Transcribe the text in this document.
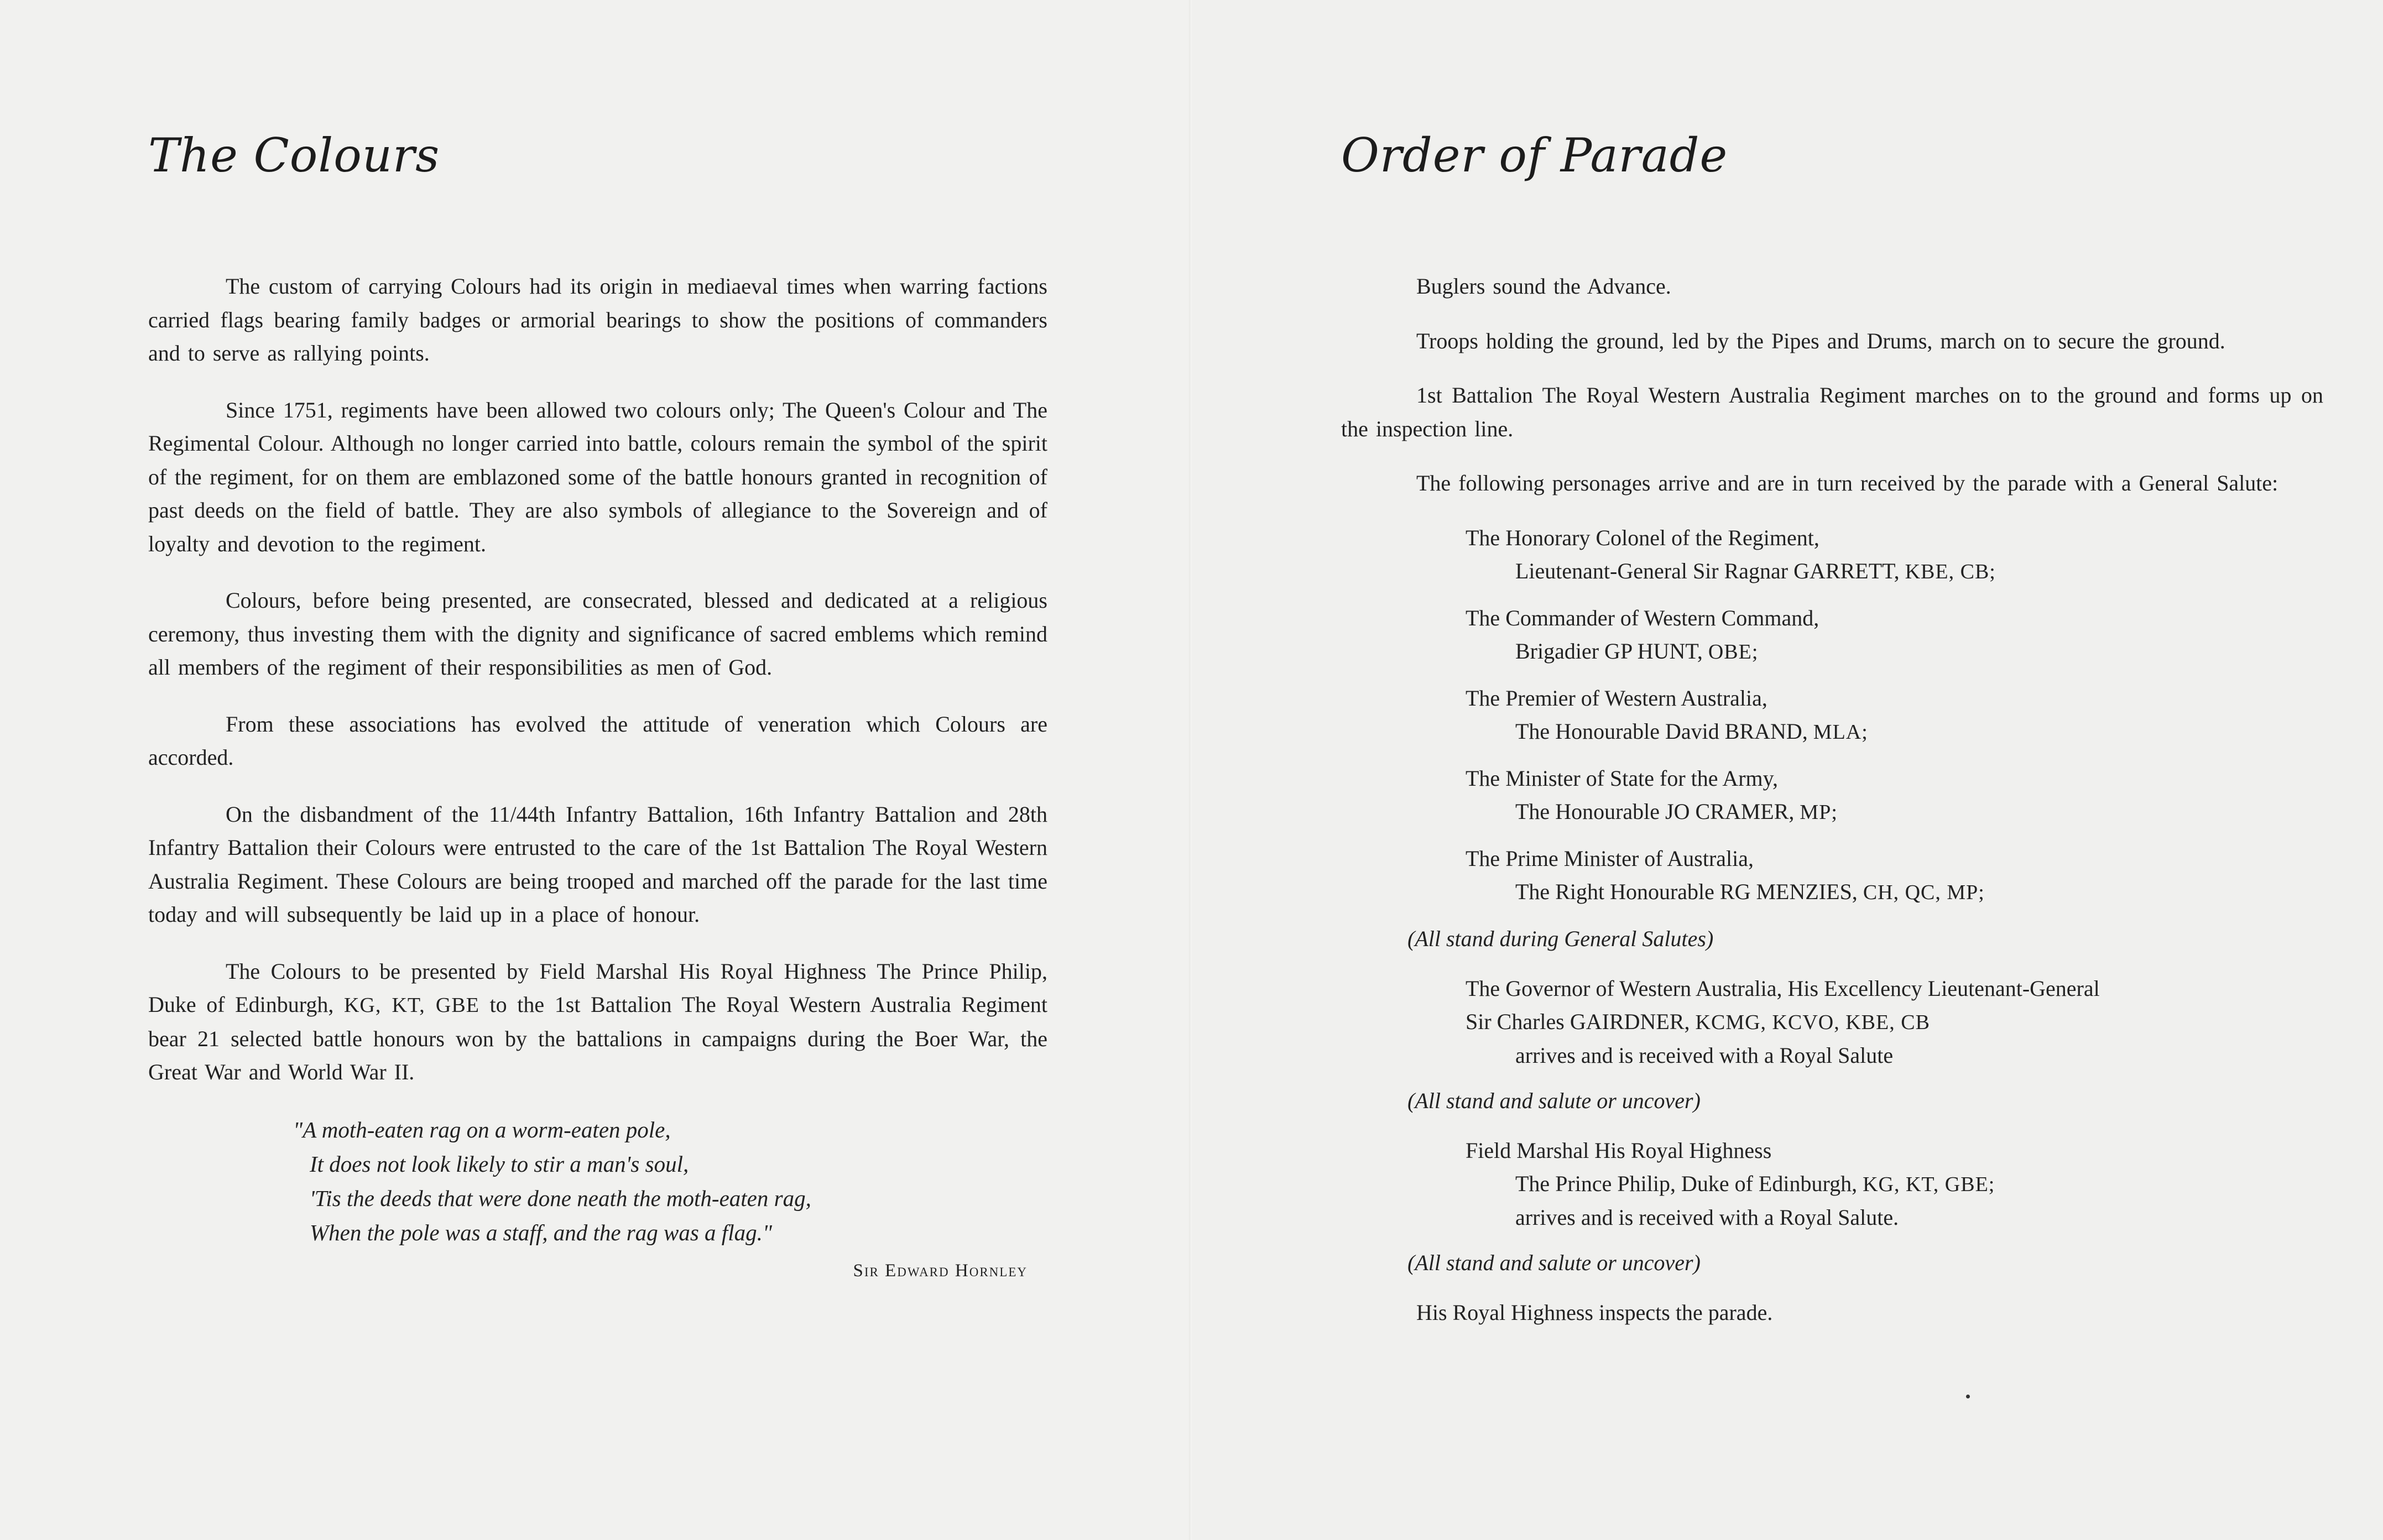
The Colours

The custom of carrying Colours had its origin in mediaeval times when warring factions carried flags bearing family badges or armorial bearings to show the positions of commanders and to serve as rallying points.

Since 1751, regiments have been allowed two colours only; The Queen's Colour and The Regimental Colour. Although no longer carried into battle, colours remain the symbol of the spirit of the regiment, for on them are emblazoned some of the battle honours granted in recognition of past deeds on the field of battle. They are also symbols of allegiance to the Sovereign and of loyalty and devotion to the regiment.

Colours, before being presented, are consecrated, blessed and dedicated at a religious ceremony, thus investing them with the dignity and significance of sacred emblems which remind all members of the regiment of their responsibilities as men of God.

From these associations has evolved the attitude of veneration which Colours are accorded.

On the disbandment of the 11/44th Infantry Battalion, 16th Infantry Battalion and 28th Infantry Battalion their Colours were entrusted to the care of the 1st Battalion The Royal Western Australia Regiment. These Colours are being trooped and marched off the parade for the last time today and will subsequently be laid up in a place of honour.

The Colours to be presented by Field Marshal His Royal Highness The Prince Philip, Duke of Edinburgh, KG, KT, GBE to the 1st Battalion The Royal Western Australia Regiment bear 21 selected battle honours won by the battalions in campaigns during the Boer War, the Great War and World War II.

"A moth-eaten rag on a worm-eaten pole,

It does not look likely to stir a man's soul,

'Tis the deeds that were done neath the moth-eaten rag,

When the pole was a staff, and the rag was a flag."

Sir Edward Hornley
Order of Parade

Buglers sound the Advance.

Troops holding the ground, led by the Pipes and Drums, march on to secure the ground.

1st Battalion The Royal Western Australia Regiment marches on to the ground and forms up on the inspection line.

The following personages arrive and are in turn received by the parade with a General Salute:

The Honorary Colonel of the Regiment,
Lieutenant-General Sir Ragnar GARRETT, KBE, CB;
The Commander of Western Command,
Brigadier GP HUNT, OBE;
The Premier of Western Australia,
The Honourable David BRAND, MLA;
The Minister of State for the Army,
The Honourable JO CRAMER, MP;
The Prime Minister of Australia,
The Right Honourable RG MENZIES, CH, QC, MP;
(All stand during General Salutes)
The Governor of Western Australia, His Excellency Lieutenant-General
Sir Charles GAIRDNER, KCMG, KCVO, KBE, CB
arrives and is received with a Royal Salute
(All stand and salute or uncover)
Field Marshal His Royal Highness
The Prince Philip, Duke of Edinburgh, KG, KT, GBE;
arrives and is received with a Royal Salute.
(All stand and salute or uncover)
His Royal Highness inspects the parade.
